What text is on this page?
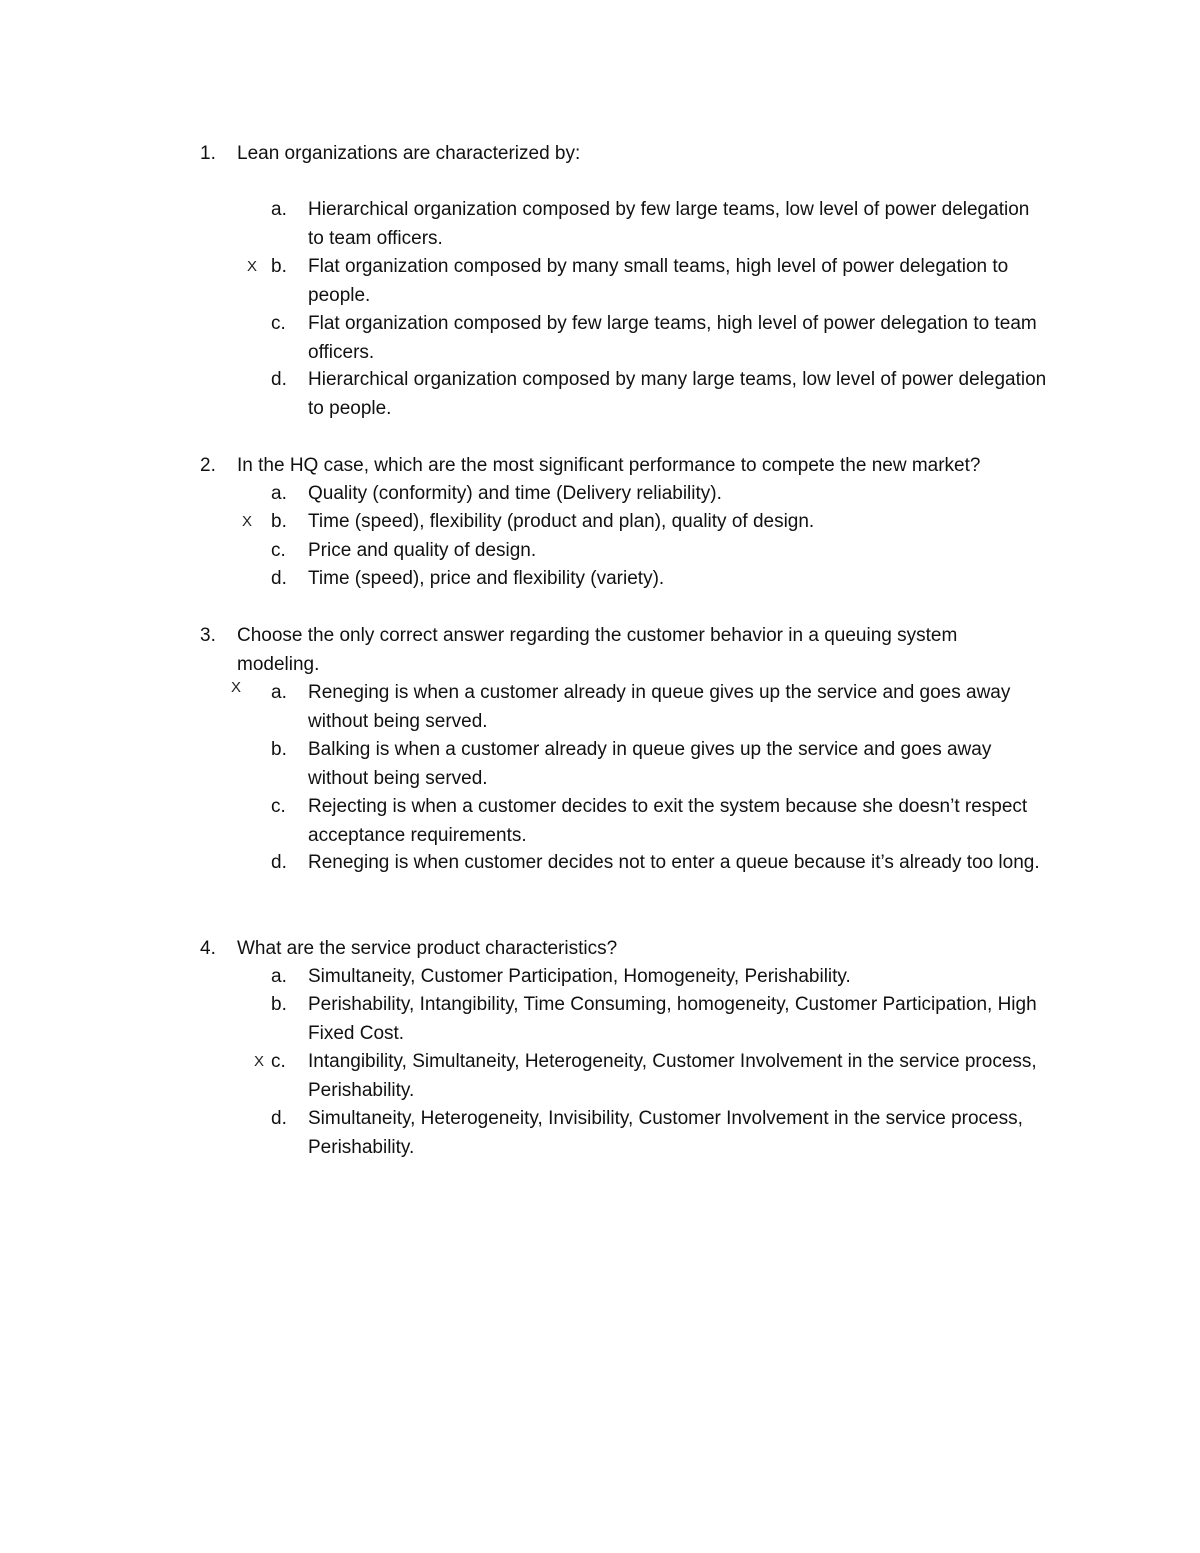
1. Lean organizations are characterized by:

a. Hierarchical organization composed by few large teams, low level of power delegation to team officers.

X b. Flat organization composed by many small teams, high level of power delegation to people.

c. Flat organization composed by few large teams, high level of power delegation to team officers.

d. Hierarchical organization composed by many large teams, low level of power delegation to people.

2. In the HQ case, which are the most significant performance to compete the new market?

a. Quality (conformity) and time (Delivery reliability).

X b. Time (speed), flexibility (product and plan), quality of design.

c. Price and quality of design.

d. Time (speed), price and flexibility (variety).

3. Choose the only correct answer regarding the customer behavior in a queuing system modeling.

X a. Reneging is when a customer already in queue gives up the service and goes away without being served.

b. Balking is when a customer already in queue gives up the service and goes away without being served.

c. Rejecting is when a customer decides to exit the system because she doesn’t respect acceptance requirements.

d. Reneging is when customer decides not to enter a queue because it’s already too long.

4. What are the service product characteristics?

a. Simultaneity, Customer Participation, Homogeneity, Perishability.

b. Perishability, Intangibility, Time Consuming, homogeneity, Customer Participation, High Fixed Cost.

X c. Intangibility, Simultaneity, Heterogeneity, Customer Involvement in the service process, Perishability.

d. Simultaneity, Heterogeneity, Invisibility, Customer Involvement in the service process, Perishability.
